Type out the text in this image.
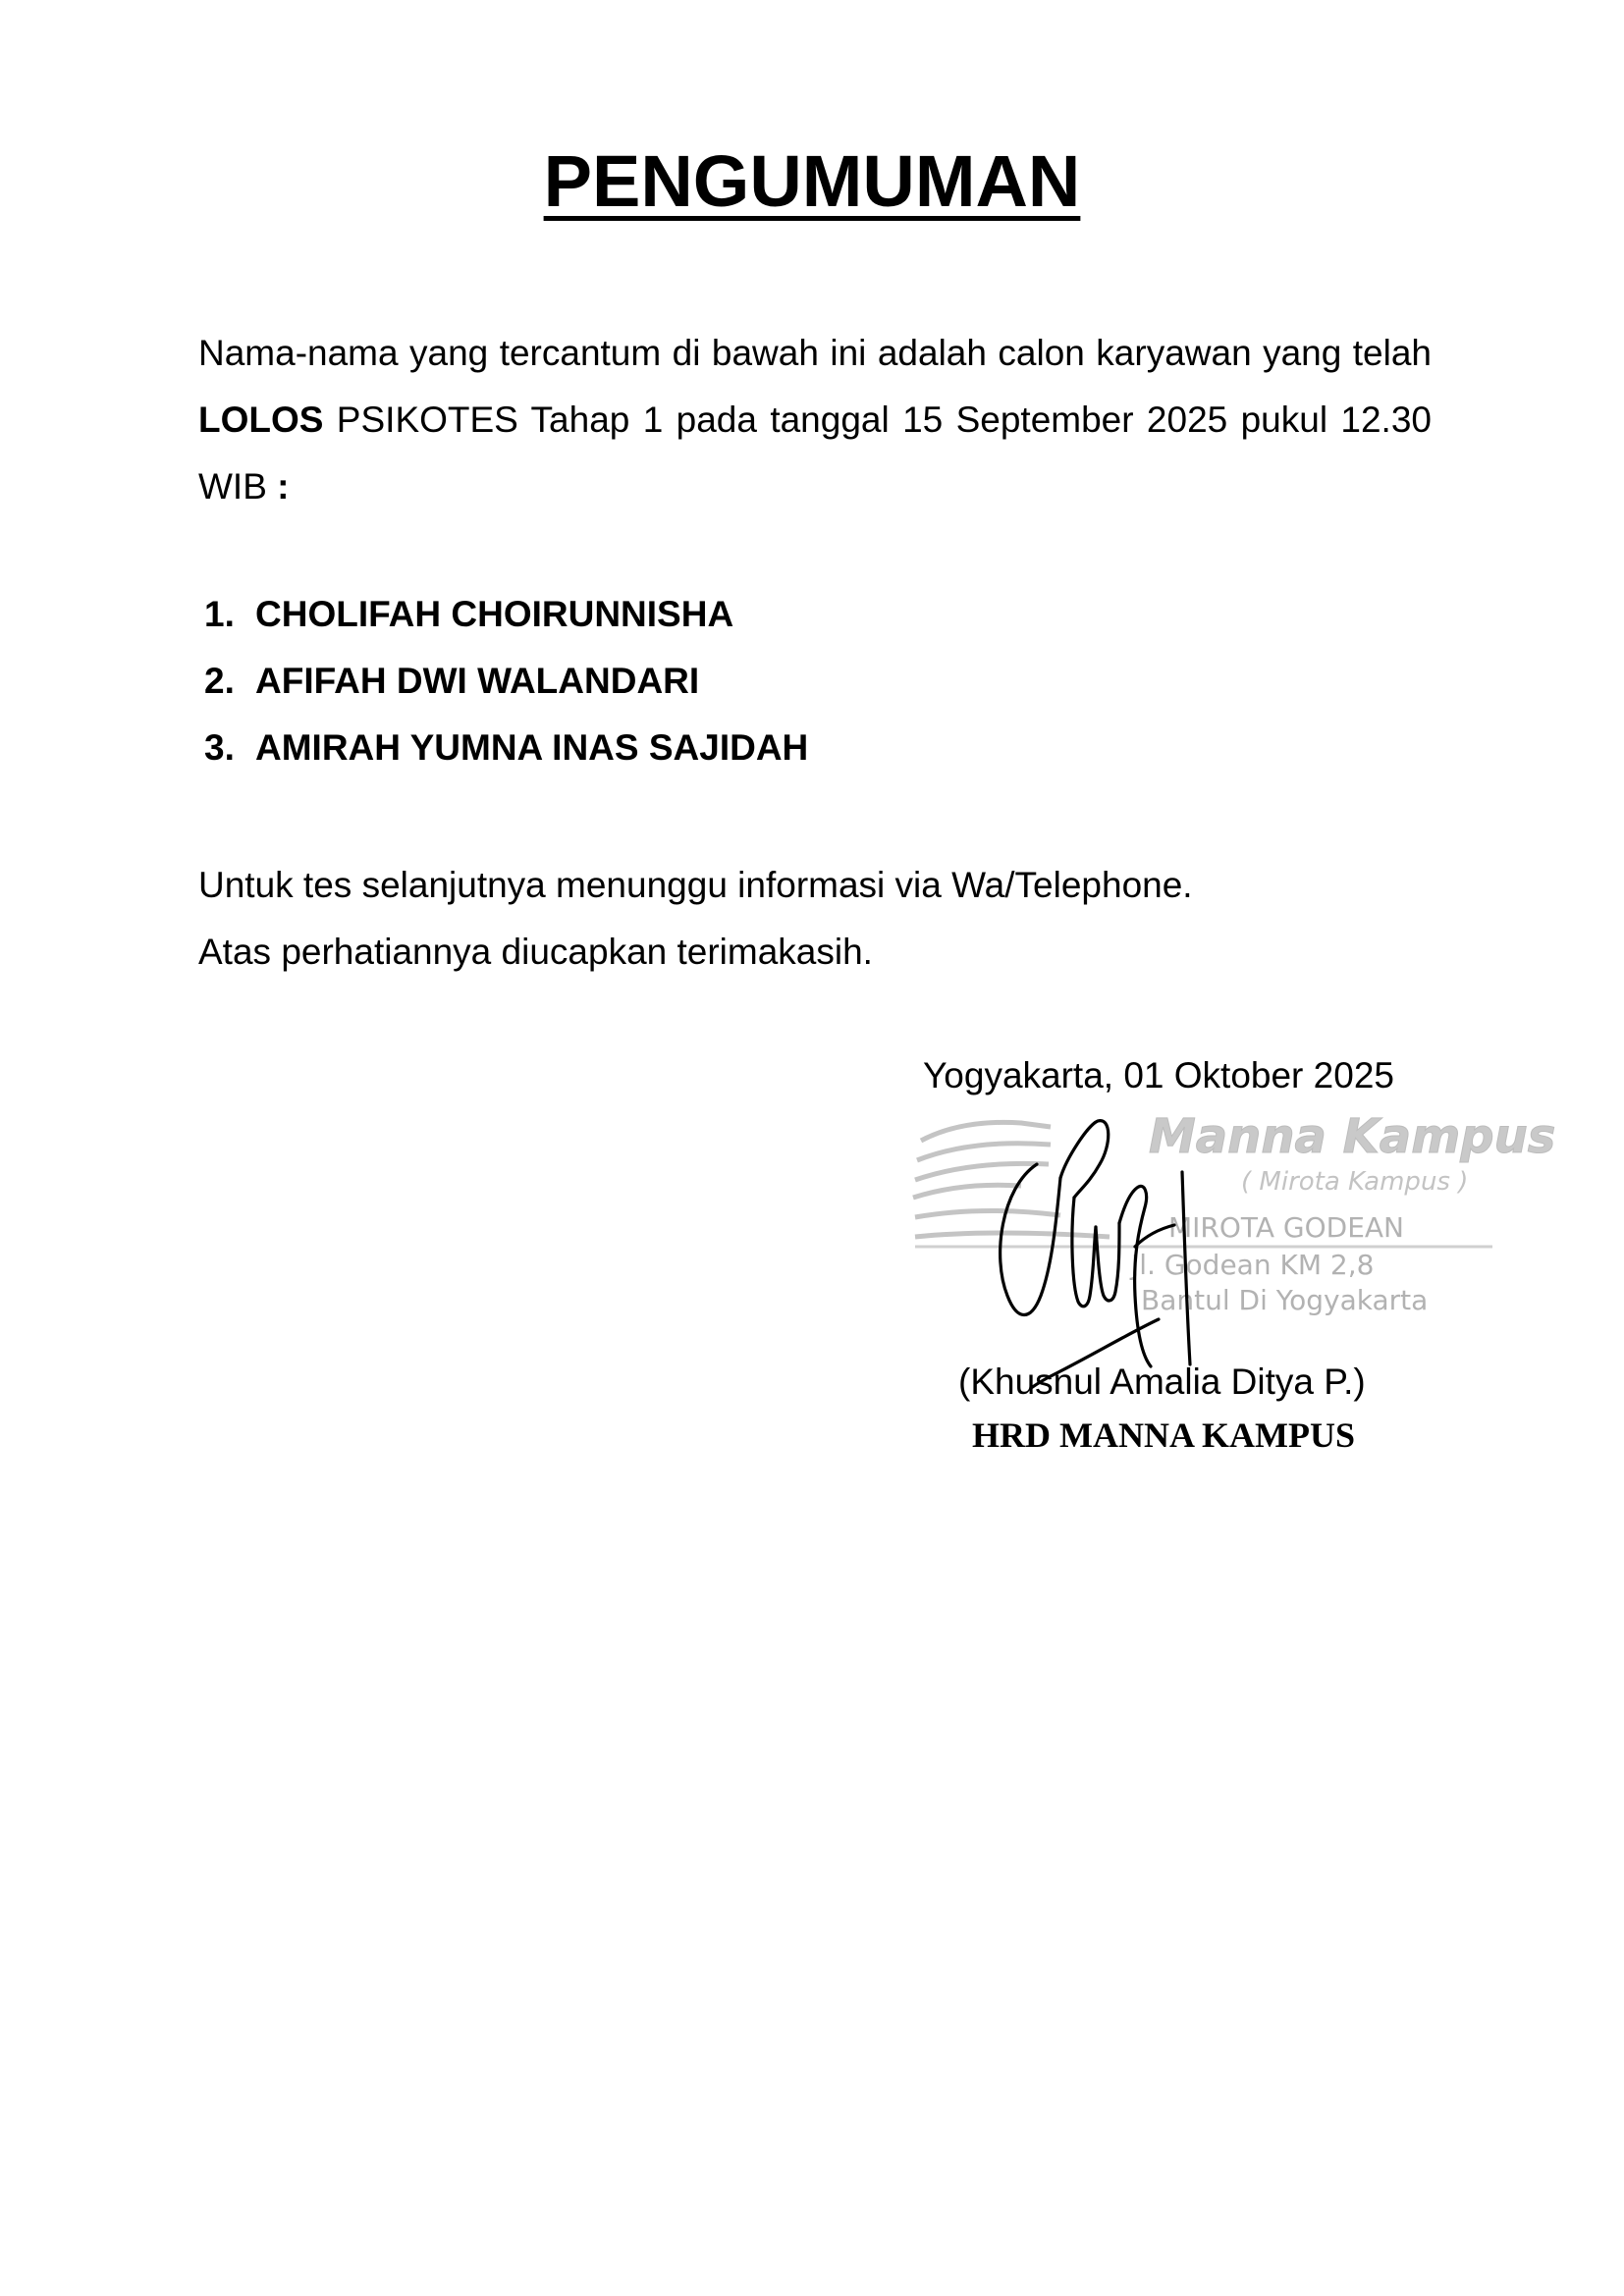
PENGUMUMAN
Nama-nama yang tercantum di bawah ini adalah calon karyawan yang telah LOLOS PSIKOTES Tahap 1 pada tanggal 15 September 2025 pukul 12.30 WIB :
1. CHOLIFAH CHOIRUNNISHA
2. AFIFAH DWI WALANDARI
3. AMIRAH YUMNA INAS SAJIDAH
Untuk tes selanjutnya menunggu informasi via Wa/Telephone.
Atas perhatiannya diucapkan terimakasih.
Yogyakarta, 01 Oktober 2025
Manna Kampus
( Mirota Kampus )
MIROTA GODEAN
Jl. Godean KM 2,8
Bantul Di Yogyakarta
(Khusnul Amalia Ditya P.)
HRD MANNA KAMPUS
